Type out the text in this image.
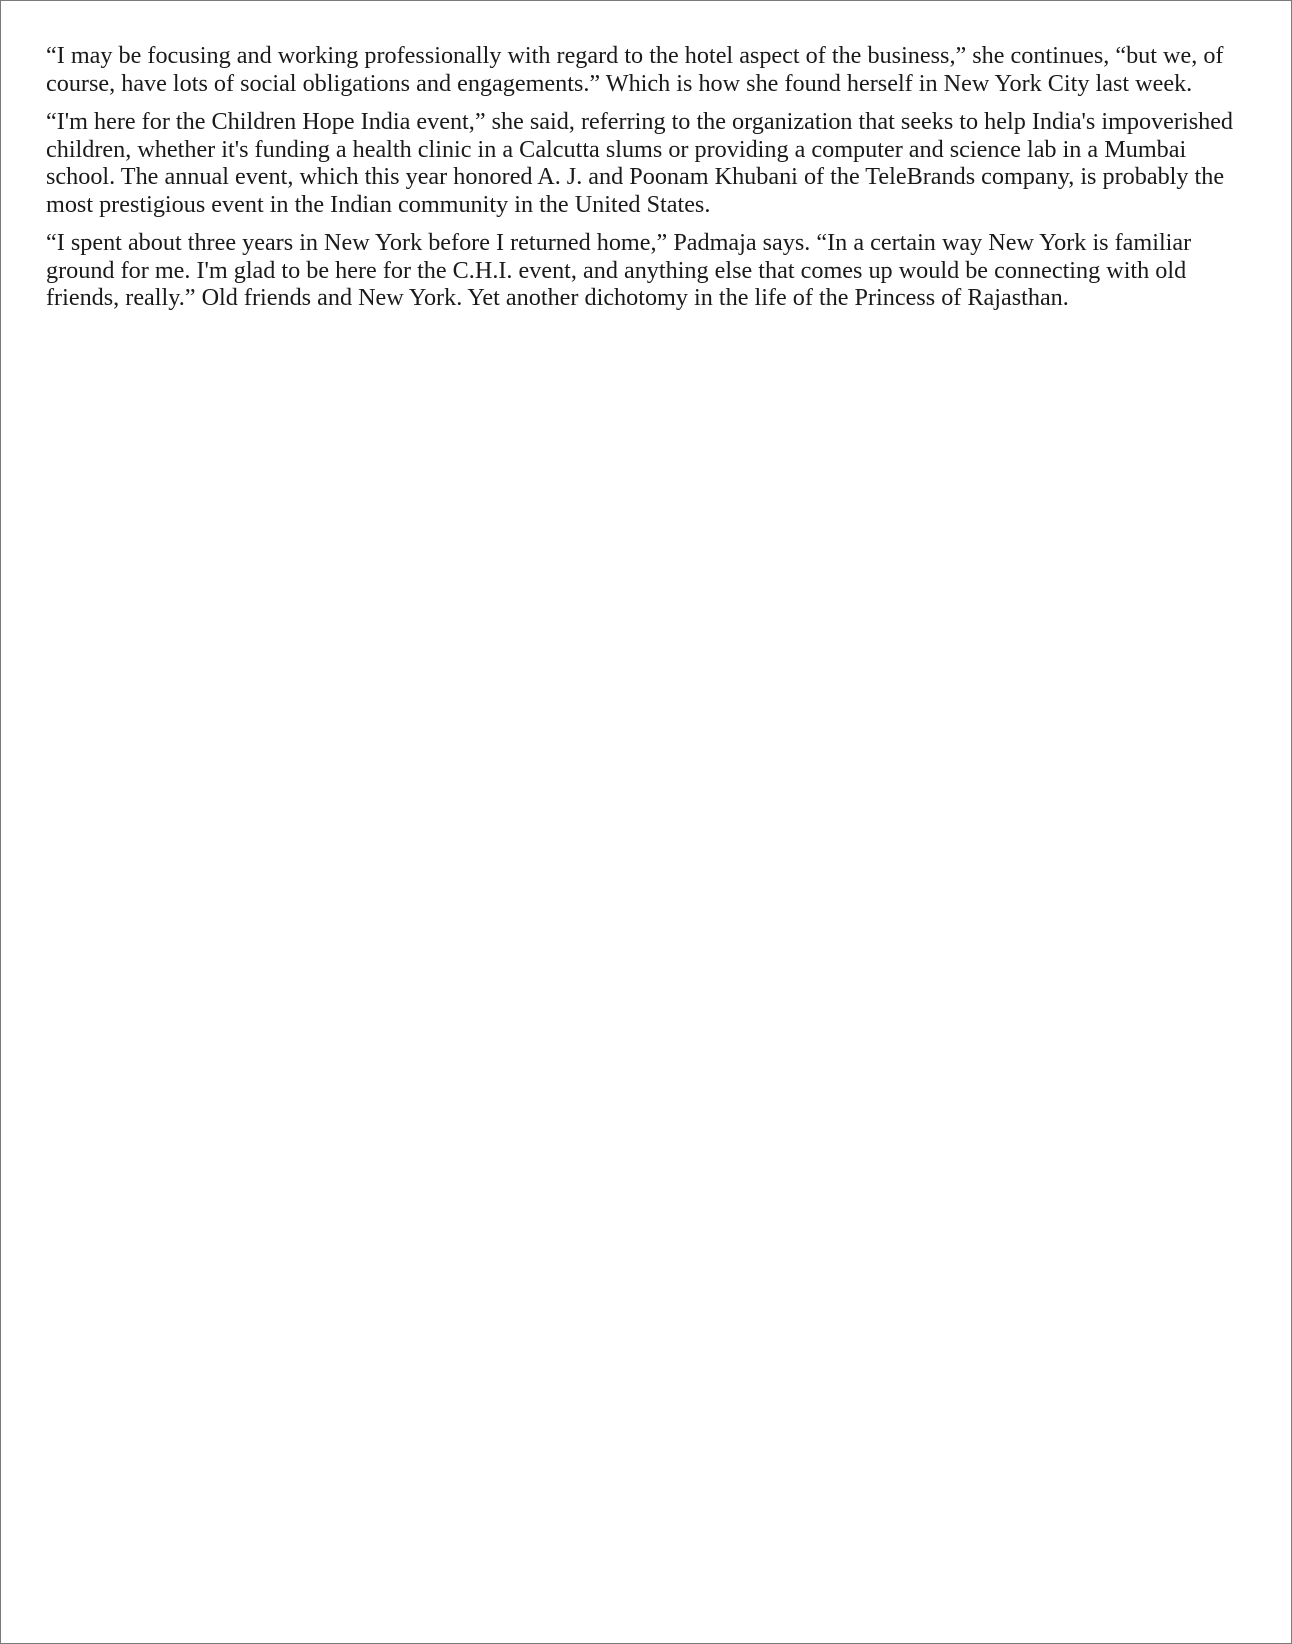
“I may be focusing and working professionally with regard to the hotel aspect of the business,” she continues, “but we, of course, have lots of social obligations and engagements.” Which is how she found herself in New York City last week.

“I'm here for the Children Hope India event,” she said, referring to the organization that seeks to help India's impoverished children, whether it's funding a health clinic in a Calcutta slums or providing a computer and science lab in a Mumbai school. The annual event, which this year honored A. J. and Poonam Khubani of the TeleBrands company, is probably the most prestigious event in the Indian community in the United States.

“I spent about three years in New York before I returned home,” Padmaja says. “In a certain way New York is familiar ground for me. I'm glad to be here for the C.H.I. event, and anything else that comes up would be connecting with old friends, really.” Old friends and New York. Yet another dichotomy in the life of the Princess of Rajasthan.
